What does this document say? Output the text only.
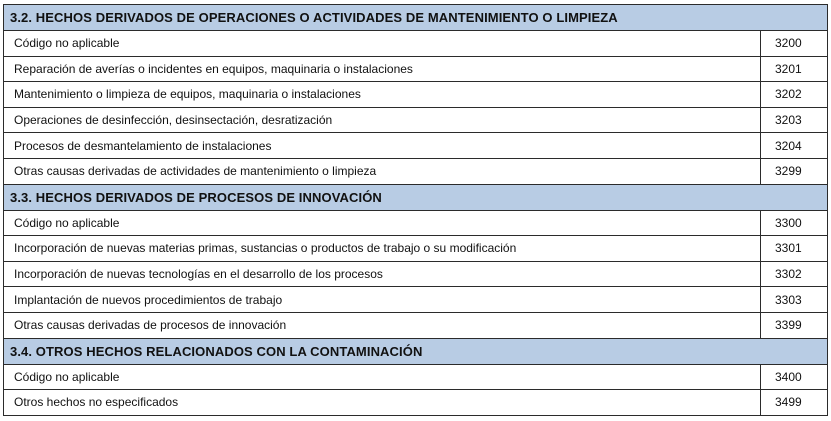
3.2. HECHOS DERIVADOS DE OPERACIONES O ACTIVIDADES DE MANTENIMIENTO O LIMPIEZA	
Código no aplicable	3200
Reparación de averías o incidentes en equipos, maquinaria o instalaciones	3201
Mantenimiento o limpieza de equipos, maquinaria o instalaciones	3202
Operaciones de desinfección, desinsectación, desratización	3203
Procesos de desmantelamiento de instalaciones	3204
Otras causas derivadas de actividades de mantenimiento o limpieza	3299
3.3. HECHOS DERIVADOS DE PROCESOS DE INNOVACIÓN	
Código no aplicable	3300
Incorporación de nuevas materias primas, sustancias o productos de trabajo o su modificación	3301
Incorporación de nuevas tecnologías en el desarrollo de los procesos	3302
Implantación de nuevos procedimientos de trabajo	3303
Otras causas derivadas de procesos de innovación	3399
3.4. OTROS HECHOS RELACIONADOS CON LA CONTAMINACIÓN	
Código no aplicable	3400
Otros hechos no especificados	3499
